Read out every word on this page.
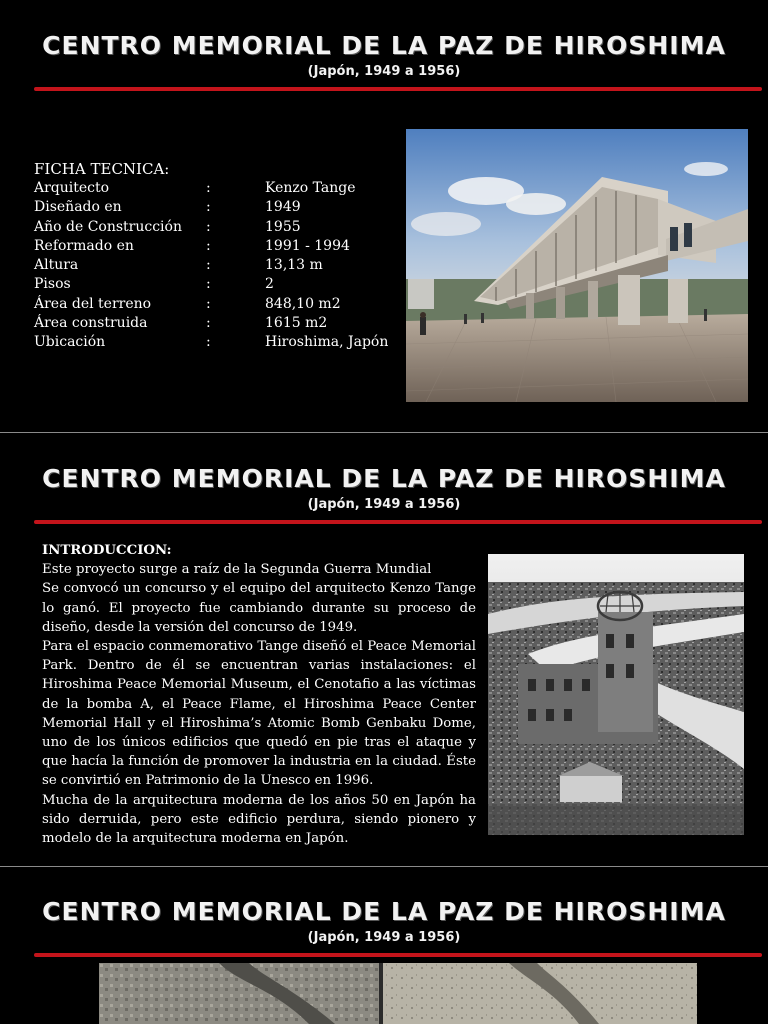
CENTRO MEMORIAL DE LA PAZ DE HIROSHIMA
(Japón, 1949 a 1956)
FICHA TECNICA:
Arquitecto	:	Kenzo Tange
Diseñado en	:	1949
Año de Construcción	:	1955
Reformado en	:	1991 - 1994
Altura	:	13,13 m
Pisos	:	2
Área del terreno	:	848,10 m2
Área construida	:	1615 m2
Ubicación	:	Hiroshima, Japón
CENTRO MEMORIAL DE LA PAZ DE HIROSHIMA
(Japón, 1949 a 1956)
INTRODUCCION:

Este proyecto surge a raíz de la Segunda Guerra Mundial

Se convocó un concurso y el equipo del arquitecto Kenzo Tange lo ganó. El proyecto fue cambiando durante su proceso de diseño, desde la versión del concurso de 1949.

Para el espacio conmemorativo Tange diseñó el Peace Memorial Park. Dentro de él se encuentran varias instalaciones: el Hiroshima Peace Memorial Museum, el Cenotafio a las víctimas de la bomba A, el Peace Flame, el Hiroshima Peace Center Memorial Hall y el Hiroshima’s Atomic Bomb Genbaku Dome, uno de los únicos edificios que quedó en pie tras el ataque y que hacía la función de promover la industria en la ciudad. Éste se convirtió en Patrimonio de la Unesco en 1996.

Mucha de la arquitectura moderna de los años 50 en Japón ha sido derruida, pero este edificio perdura, siendo pionero y modelo de la arquitectura moderna en Japón.

CENTRO MEMORIAL DE LA PAZ DE HIROSHIMA
(Japón, 1949 a 1956)
